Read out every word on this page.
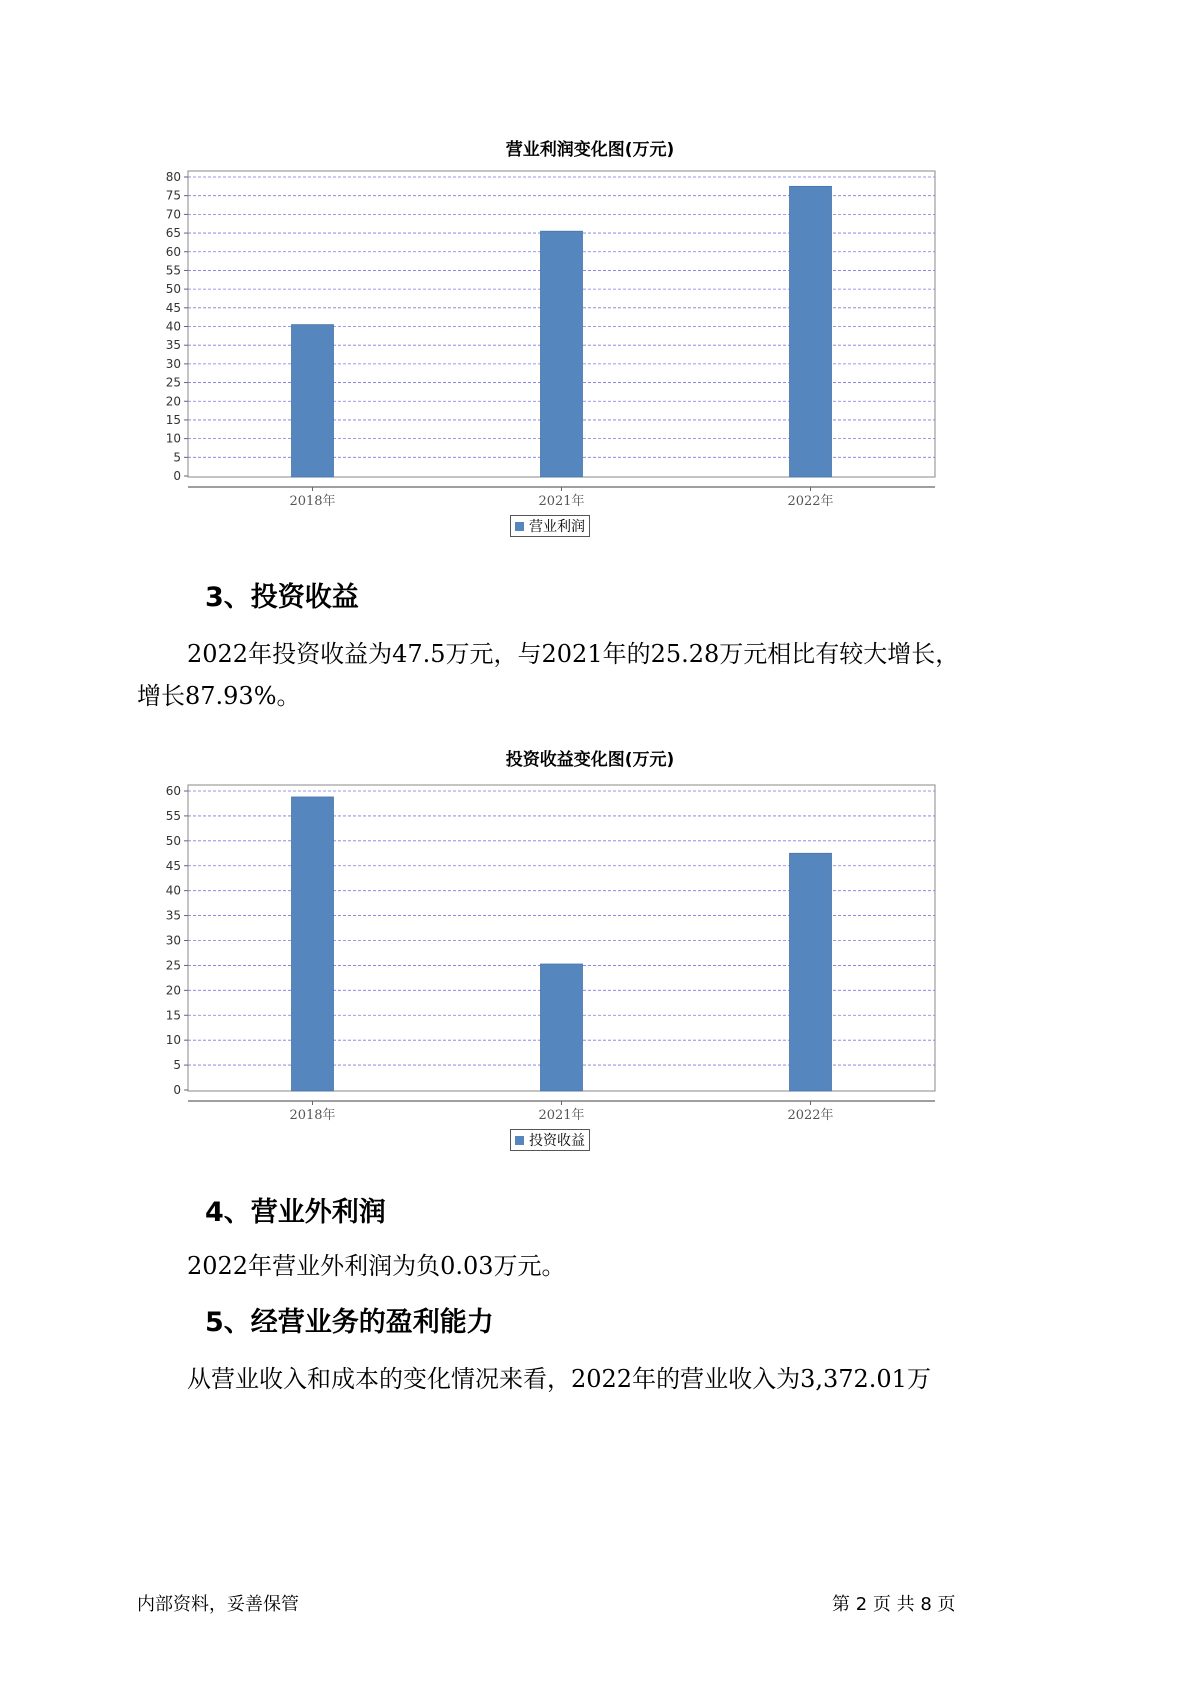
营业利润变化图(万元)
0
5
10
15
20
25
30
35
40
45
50
55
60
65
70
75
80
2018年	2021年	2022年
营业利润
3、投资收益
2022年投资收益为47.5万元，与2021年的25.28万元相比有较大增长，
增长87.93%。
投资收益变化图(万元)
0
5
10
15
20
25
30
35
40
45
50
55
60
2018年	2021年	2022年
投资收益
4、营业外利润
2022年营业外利润为负0.03万元。
5、经营业务的盈利能力
从营业收入和成本的变化情况来看，2022年的营业收入为3,372.01万
内部资料，妥善保管	第 2 页 共 8 页
